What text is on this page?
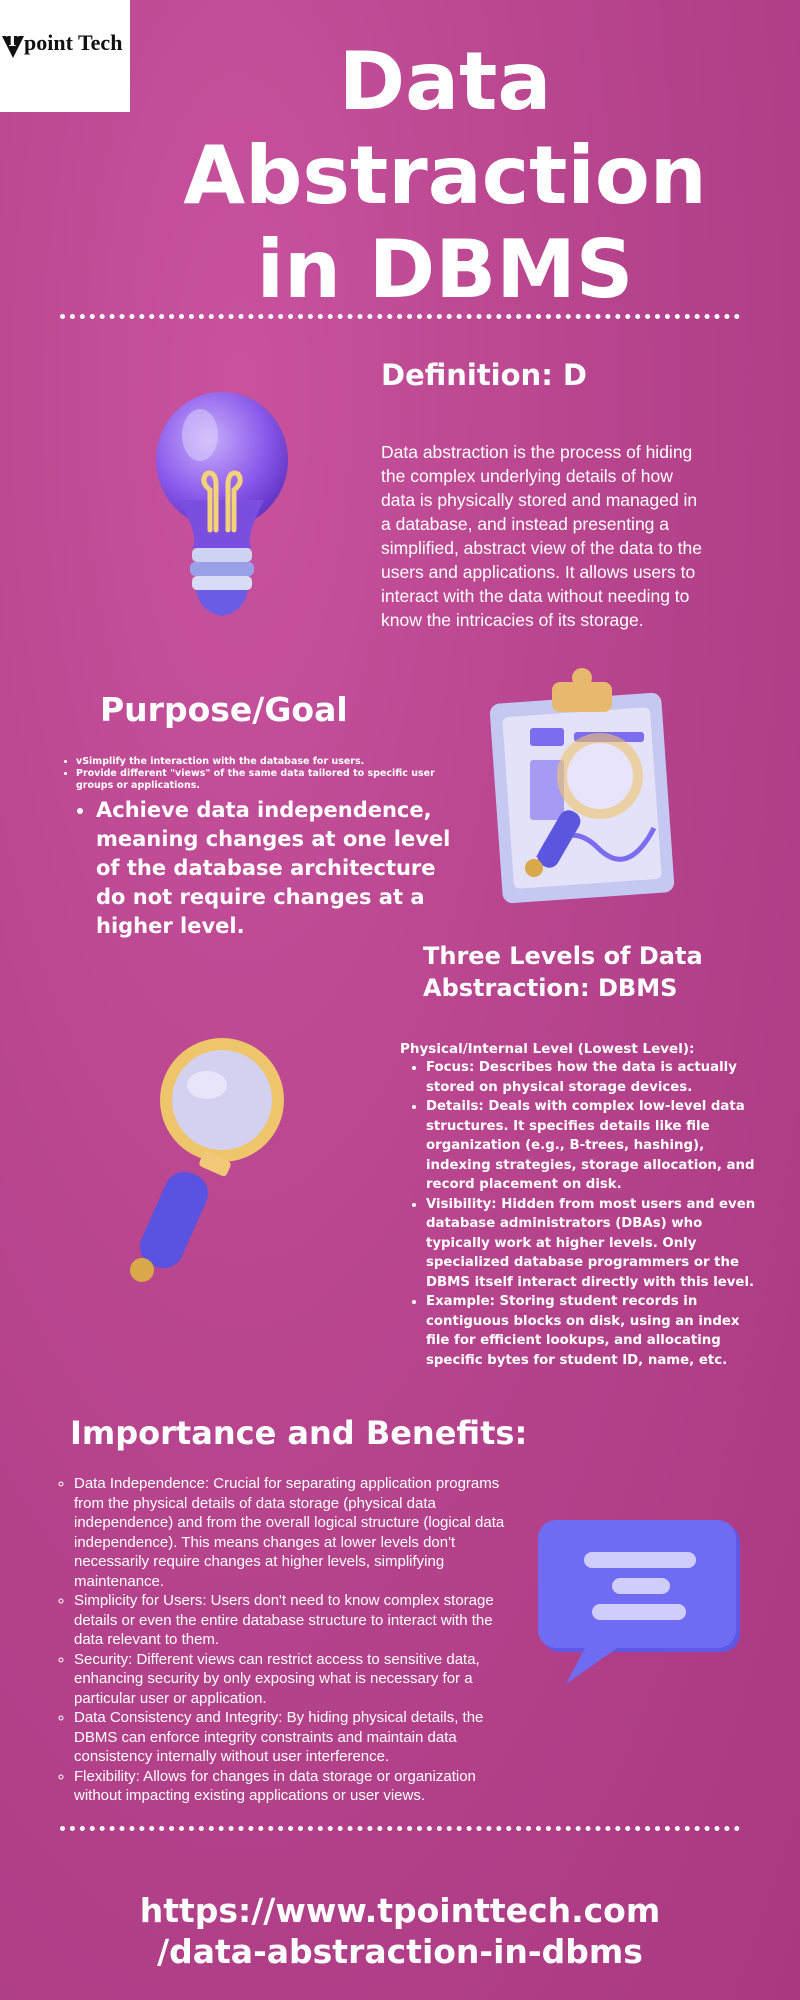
T point Tech	Data Abstraction in DBMS
Definition: D
Data abstraction is the process of hiding the complex underlying details of how data is physically stored and managed in a database, and instead presenting a simplified, abstract view of the data to the users and applications. It allows users to interact with the data without needing to know the intricacies of its storage.
Purpose/Goal
• vSimplify the interaction with the database for users.
• Provide different "views" of the same data tailored to specific user groups or applications.
• Achieve data independence, meaning changes at one level of the database architecture do not require changes at a higher level.
Three Levels of Data Abstraction: DBMS
Physical/Internal Level (Lowest Level):
• Focus: Describes how the data is actually stored on physical storage devices.
• Details: Deals with complex low-level data structures. It specifies details like file organization (e.g., B-trees, hashing), indexing strategies, storage allocation, and record placement on disk.
• Visibility: Hidden from most users and even database administrators (DBAs) who typically work at higher levels. Only specialized database programmers or the DBMS itself interact directly with this level.
• Example: Storing student records in contiguous blocks on disk, using an index file for efficient lookups, and allocating specific bytes for student ID, name, etc.
Importance and Benefits:
◦ Data Independence: Crucial for separating application programs from the physical details of data storage (physical data independence) and from the overall logical structure (logical data independence). This means changes at lower levels don't necessarily require changes at higher levels, simplifying maintenance.
◦ Simplicity for Users: Users don't need to know complex storage details or even the entire database structure to interact with the data relevant to them.
◦ Security: Different views can restrict access to sensitive data, enhancing security by only exposing what is necessary for a particular user or application.
◦ Data Consistency and Integrity: By hiding physical details, the DBMS can enforce integrity constraints and maintain data consistency internally without user interference.
◦ Flexibility: Allows for changes in data storage or organization without impacting existing applications or user views.
https://www.tpointtech.com
/data-abstraction-in-dbms
